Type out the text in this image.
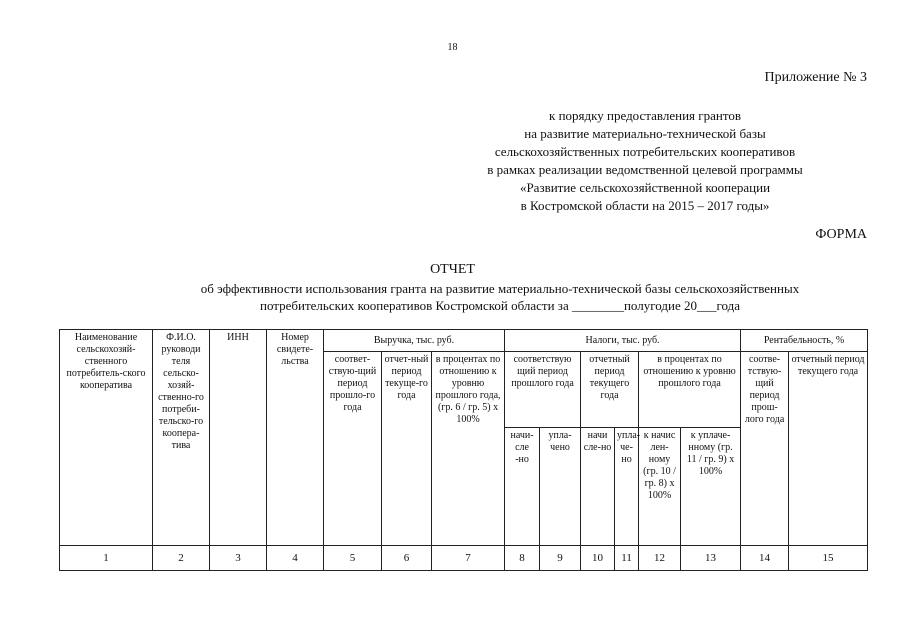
18
Приложение № 3
к порядку предоставления грантов
на развитие материально-технической базы
сельскохозяйственных потребительских кооперативов
в рамках реализации ведомственной целевой программы
«Развитие сельскохозяйственной кооперации
в Костромской области на 2015 – 2017 годы»
ФОРМА
ОТЧЕТ
об эффективности использования гранта на развитие материально-технической базы сельскохозяйственных
потребительских кооперативов Костромской области за ________полугодие 20___года
Наименование сельскохозяй-ственного потребитель-ского кооператива	Ф.И.О. руководи теля сельско-хозяй-ственно-го потреби-тельско-го коопера-тива	ИНН	Номер свидете-льства	Выручка, тыс. руб.			Налоги, тыс. руб.						Рентабельность, %	
				соответ-ствую-щий период прошло-го года	отчет-ный период текуще-го года	в процентах по отношению к уровню прошлого года, (гр. 6 / гр. 5) х 100%	соответствую щий период прошлого года		отчетный период текущего года		в процентах по отношению к уровню прошлого года		соотве-тствую-щий период прош-лого года	отчетный период текущего года
							начи-сле -но	упла-чено	начи сле-но	упла-че-но	к начис лен-ному (гр. 10 / гр. 8) х 100%	к уплаче-нному (гр. 11 / гр. 9) х 100%		

1	2	3	4	5	6	7	8	9	10	11	12	13	14	15
